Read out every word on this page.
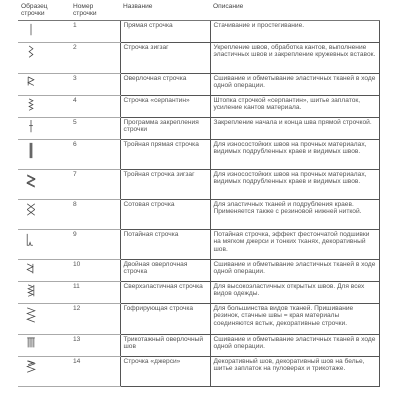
Образец строчки	Номер строчки	Название	Описание

	1	Прямая строчка	Стачивание и простегивание.

	2	Строчка зигзаг	Укрепление швов, обработка кантов, выполнение эластичных швов и закрепление кружевных вставок.

	3	Оверлочная строчка	Сшивание и обметывание эластичных тканей в ходе одной операции.

	4	Строчка «серпантин»	Штопка строчкой «серпантин», шитье заплаток, усиление кантов материала.

	5	Программа закрепления строчки	Закрепление начала и конца шва прямой строчкой.

	6	Тройная прямая строчка	Для износостойких швов на прочных материалах, видимых подрубленных краев и видимых швов.

	7	Тройная строчка зигзаг	Для износостойких швов на прочных материалах, видимых подрубленных краев и видимых швов.

	8	Сотовая строчка	Для эластичных тканей и подрубления краев. Применяется также с резиновой нижней ниткой.

	9	Потайная строчка	Потайная строчка, эффект фестончатой подшивки на мягком джерси и тонких тканях, декоративный шов.

	10	Двойная оверлочная строчка	Сшивание и обметывание эластичных тканей в ходе одной операции.

	11	Сверхэластичная строчка	Для высокоэластичных открытых швов. Для всех видов одежды.

	12	Гофрирующая строчка	Для большинства видов тканей. Пришивание резинок, стачные швы = края материалы соединяются встык, декоративные строчки.

	13	Трикотажный оверлочный шов	Сшивание и обметывание эластичных тканей в ходе одной операции.

	14	Строчка «джерси»	Декоративный шов, декоративный шов на белье, шитье заплаток на пуловерах и трикотаже.
